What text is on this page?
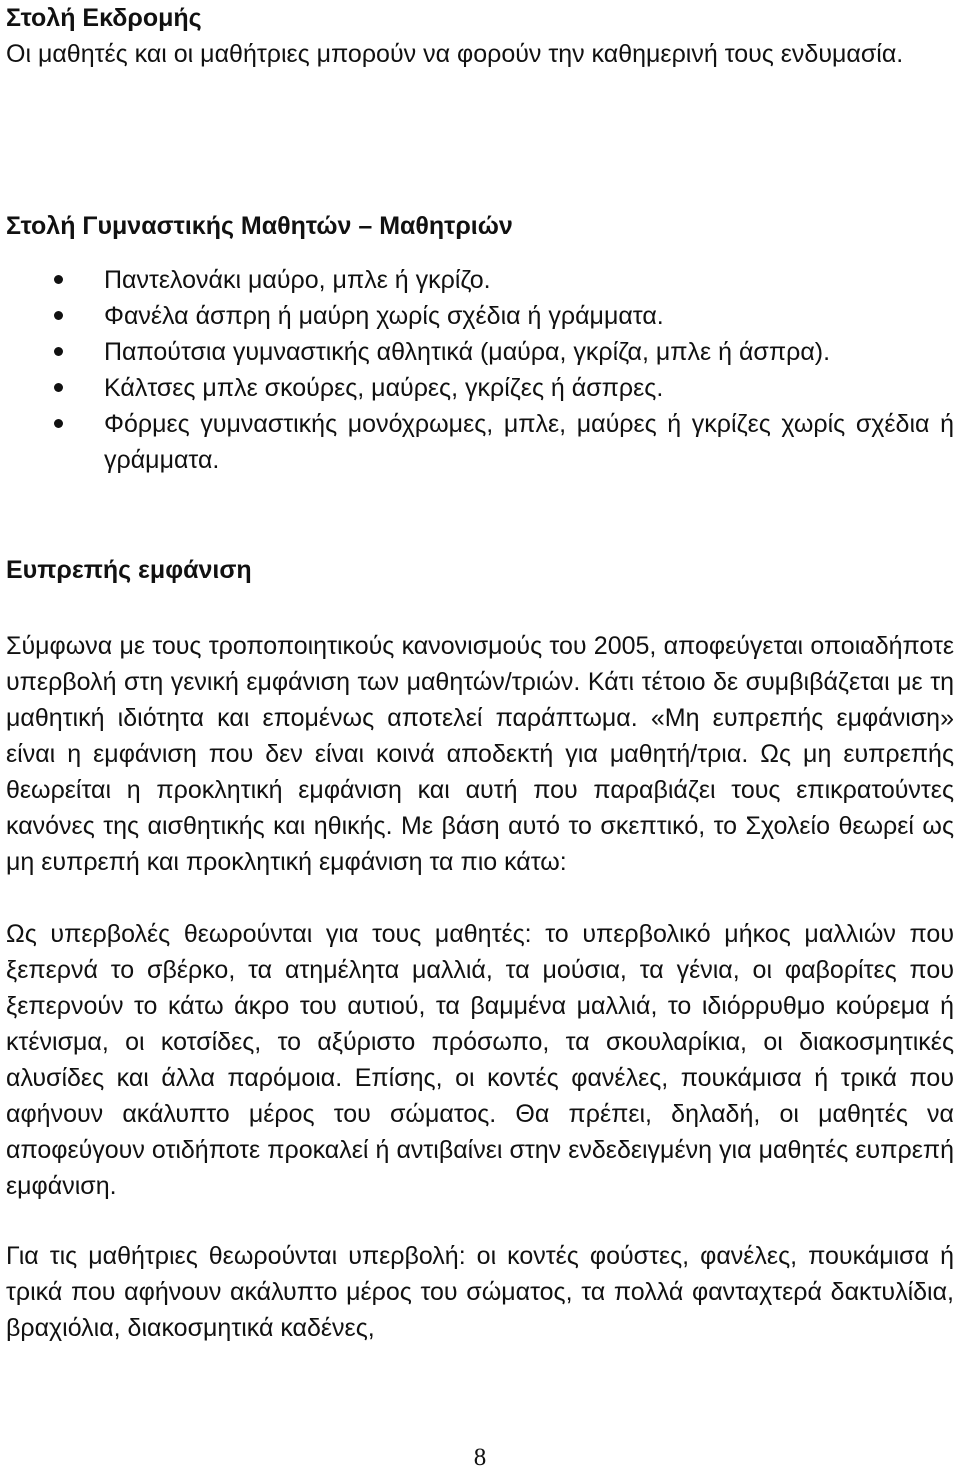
Στολή Εκδρομής

Οι μαθητές και οι μαθήτριες μπορούν να φορούν την καθημερινή τους ενδυμασία.

Στολή Γυμναστικής Μαθητών – Μαθητριών
Παντελονάκι μαύρο, μπλε ή γκρίζο.
Φανέλα άσπρη ή μαύρη χωρίς σχέδια ή γράμματα.
Παπούτσια γυμναστικής αθλητικά (μαύρα, γκρίζα, μπλε ή άσπρα).
Κάλτσες μπλε σκούρες, μαύρες, γκρίζες ή άσπρες.
Φόρμες γυμναστικής μονόχρωμες, μπλε, μαύρες ή γκρίζες χωρίς σχέδια ή γράμματα.
Ευπρεπής εμφάνιση

Σύμφωνα με τους τροποποιητικούς κανονισμούς του 2005, αποφεύγεται οποιαδήποτε υπερβολή στη γενική εμφάνιση των μαθητών/τριών. Κάτι τέτοιο δε συμβιβάζεται με τη μαθητική ιδιότητα και επομένως αποτελεί παράπτωμα. «Μη ευπρεπής εμφάνιση» είναι η εμφάνιση που δεν είναι κοινά αποδεκτή για μαθητή/τρια. Ως μη ευπρεπής θεωρείται η προκλητική εμφάνιση και αυτή που παραβιάζει τους επικρατούντες κανόνες της αισθητικής και ηθικής. Με βάση αυτό το σκεπτικό, το Σχολείο θεωρεί ως μη ευπρεπή και προκλητική εμφάνιση τα πιο κάτω:

Ως υπερβολές θεωρούνται για τους μαθητές: το υπερβολικό μήκος μαλλιών που ξεπερνά το σβέρκο, τα ατημέλητα μαλλιά, τα μούσια, τα γένια, οι φαβορίτες που ξεπερνούν το κάτω άκρο του αυτιού, τα βαμμένα μαλλιά, το ιδιόρρυθμο κούρεμα ή κτένισμα, οι κοτσίδες, το αξύριστο πρόσωπο, τα σκουλαρίκια, οι διακοσμητικές αλυσίδες και άλλα παρόμοια. Επίσης, οι κοντές φανέλες, πουκάμισα ή τρικά που αφήνουν ακάλυπτο μέρος του σώματος. Θα πρέπει, δηλαδή, οι μαθητές να αποφεύγουν οτιδήποτε προκαλεί ή αντιβαίνει στην ενδεδειγμένη για μαθητές ευπρεπή εμφάνιση.

Για τις μαθήτριες θεωρούνται υπερβολή: οι κοντές φούστες, φανέλες, πουκάμισα ή τρικά που αφήνουν ακάλυπτο μέρος του σώματος, τα πολλά φανταχτερά δακτυλίδια, βραχιόλια, διακοσμητικά καδένες,

8
